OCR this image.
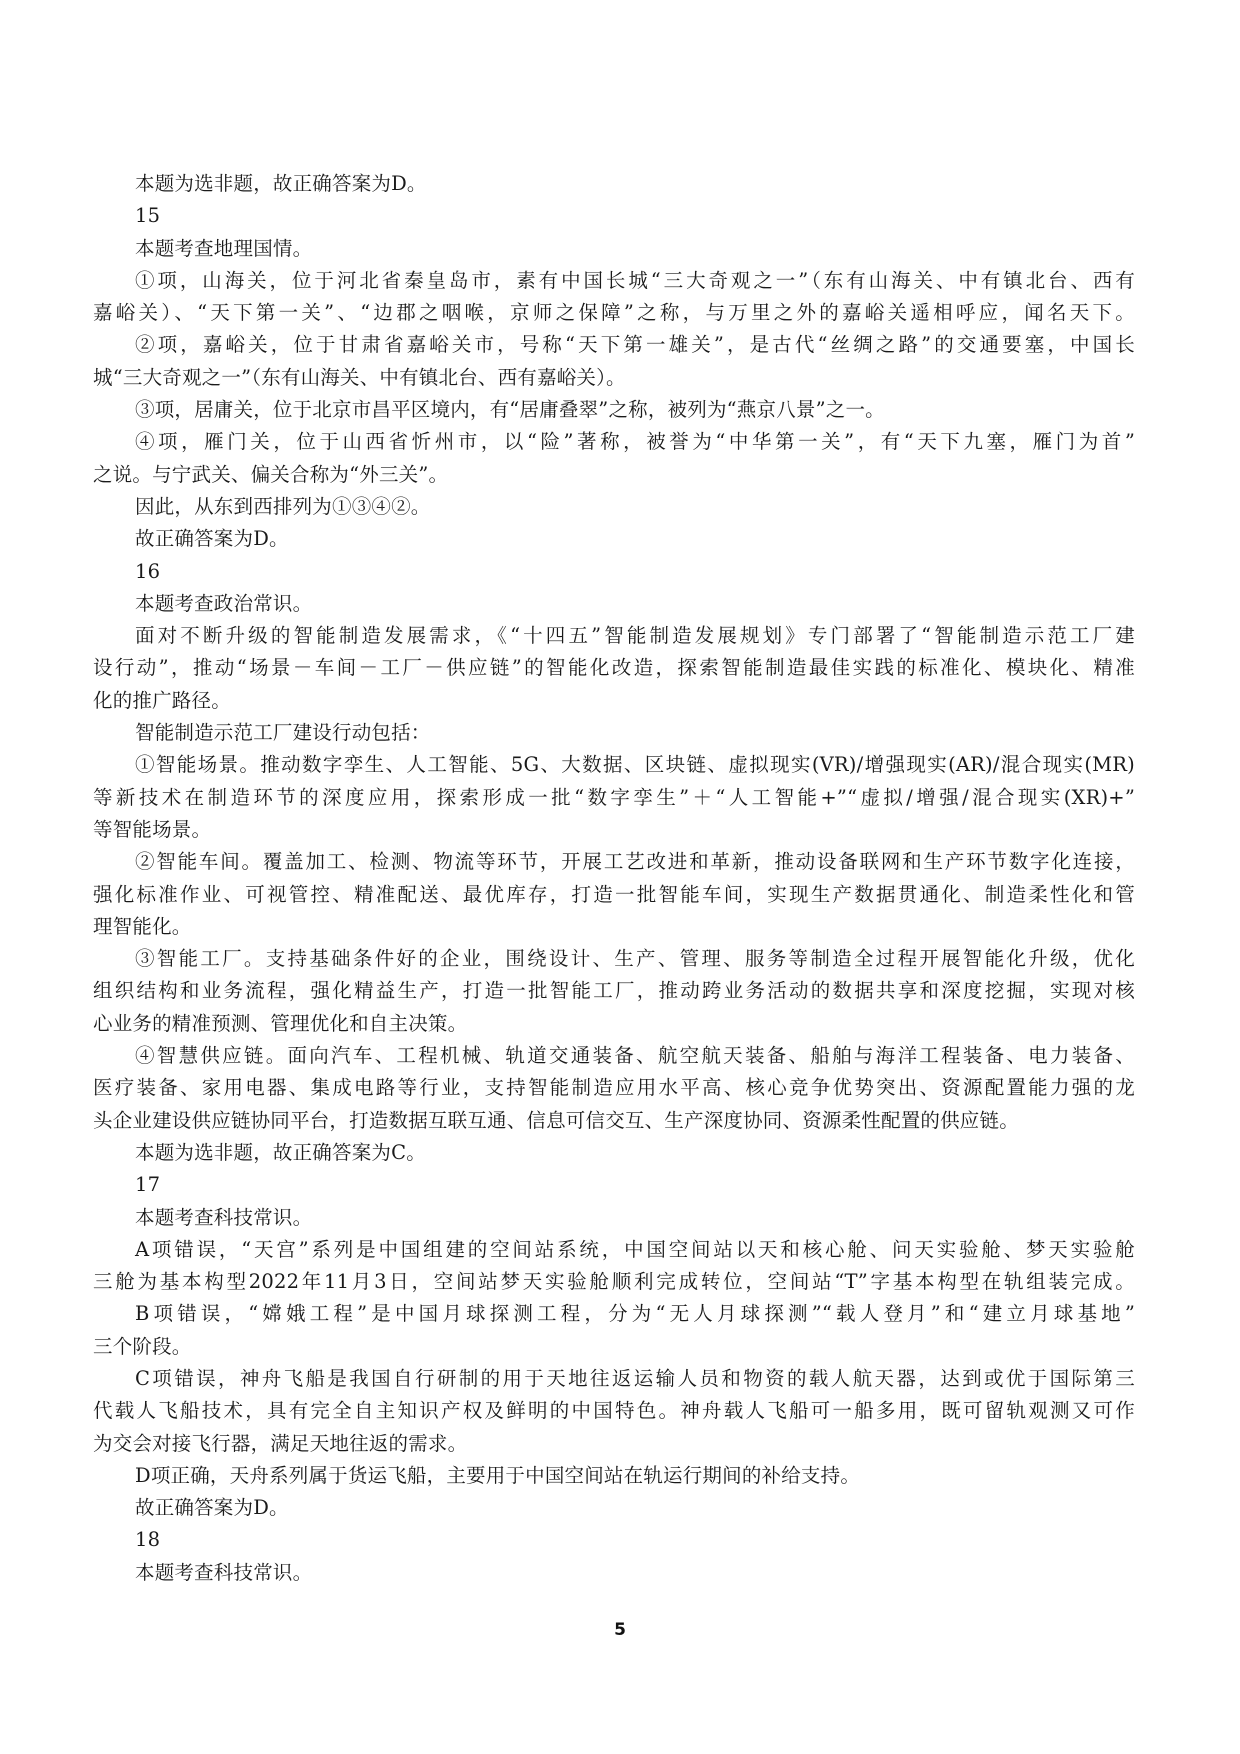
本题为选非题，故正确答案为D。
15
本题考查地理国情。
①项，山海关，位于河北省秦皇岛市，素有中国长城“三大奇观之一”（东有山海关、中有镇北台、西有
嘉峪关）、“天下第一关”、“边郡之咽喉，京师之保障”之称，与万里之外的嘉峪关遥相呼应，闻名天下。
②项，嘉峪关，位于甘肃省嘉峪关市，号称“天下第一雄关”，是古代“丝绸之路”的交通要塞，中国长
城“三大奇观之一”（东有山海关、中有镇北台、西有嘉峪关）。
③项，居庸关，位于北京市昌平区境内，有“居庸叠翠”之称，被列为“燕京八景”之一。
④项，雁门关，位于山西省忻州市，以“险”著称，被誉为“中华第一关”，有“天下九塞，雁门为首”
之说。与宁武关、偏关合称为“外三关”。
因此，从东到西排列为①③④②。
故正确答案为D。
16
本题考查政治常识。
面对不断升级的智能制造发展需求，《“十四五”智能制造发展规划》专门部署了“智能制造示范工厂建
设行动”，推动“场景－车间－工厂－供应链”的智能化改造，探索智能制造最佳实践的标准化、模块化、精准
化的推广路径。
智能制造示范工厂建设行动包括：
①智能场景。推动数字孪生、人工智能、5G、大数据、区块链、虚拟现实(VR)/增强现实(AR)/混合现实(MR)
等新技术在制造环节的深度应用，探索形成一批“数字孪生”＋“人工智能+”“虚拟/增强/混合现实(XR)+”
等智能场景。
②智能车间。覆盖加工、检测、物流等环节，开展工艺改进和革新，推动设备联网和生产环节数字化连接，
强化标准作业、可视管控、精准配送、最优库存，打造一批智能车间，实现生产数据贯通化、制造柔性化和管
理智能化。
③智能工厂。支持基础条件好的企业，围绕设计、生产、管理、服务等制造全过程开展智能化升级，优化
组织结构和业务流程，强化精益生产，打造一批智能工厂，推动跨业务活动的数据共享和深度挖掘，实现对核
心业务的精准预测、管理优化和自主决策。
④智慧供应链。面向汽车、工程机械、轨道交通装备、航空航天装备、船舶与海洋工程装备、电力装备、
医疗装备、家用电器、集成电路等行业，支持智能制造应用水平高、核心竞争优势突出、资源配置能力强的龙
头企业建设供应链协同平台，打造数据互联互通、信息可信交互、生产深度协同、资源柔性配置的供应链。
本题为选非题，故正确答案为C。
17
本题考查科技常识。
A项错误，“天宫”系列是中国组建的空间站系统，中国空间站以天和核心舱、问天实验舱、梦天实验舱
三舱为基本构型2022年11月3日，空间站梦天实验舱顺利完成转位，空间站“T”字基本构型在轨组装完成。
B项错误，“嫦娥工程”是中国月球探测工程，分为“无人月球探测”“载人登月”和“建立月球基地”
三个阶段。
C项错误，神舟飞船是我国自行研制的用于天地往返运输人员和物资的载人航天器，达到或优于国际第三
代载人飞船技术，具有完全自主知识产权及鲜明的中国特色。神舟载人飞船可一船多用，既可留轨观测又可作
为交会对接飞行器，满足天地往返的需求。
D项正确，天舟系列属于货运飞船，主要用于中国空间站在轨运行期间的补给支持。
故正确答案为D。
18
本题考查科技常识。
5
